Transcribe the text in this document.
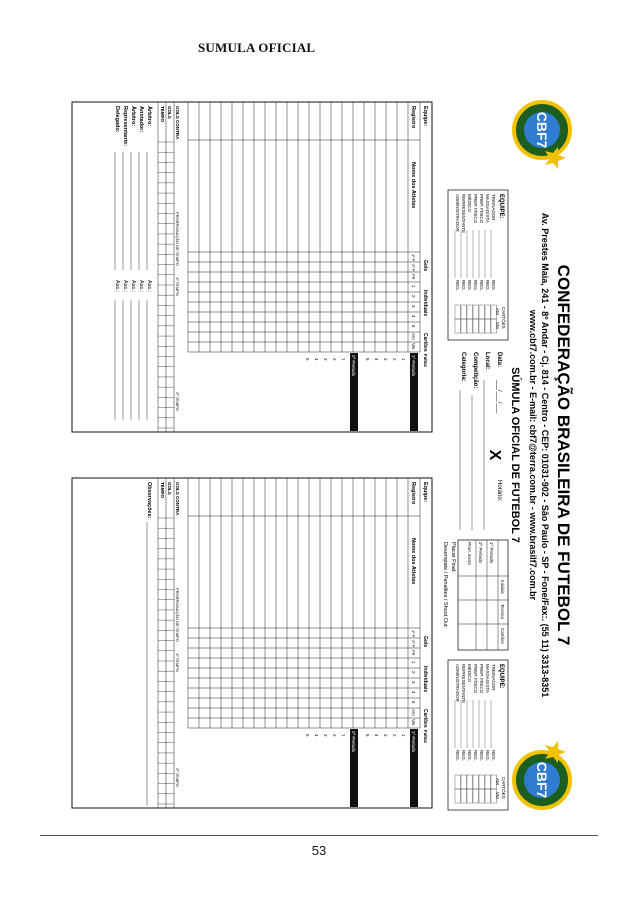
SUMULA OFICIAL
CBF7
CBF7
CONFEDERAÇÃO BRASILEIRA DE FUTEBOL 7
Av. Prestes Maia, 241 - 8º Andar - Cj. 814 - Centro - CEP: 01031-902 - São Paulo - SP - Fone/Fax:. (55 11) 3313-8351
www.cbf7.com.br - E-mail: cbf7@terra.com.br - www.brasilf7.com.br
SÚMULA OFICIAL DE FUTEBOL 7
X
EQUIPE:
TREINADOR
REG.
MASSAGISTA
REG.
PREP. FÍSICO
REG.
PREP. FÍSICO
REG.
MÉDICO
REG.
REPRESENTANTE
REG.
ADMINISTRADOR
REG.
CARTÕES
AM
VM
Data:
___/___/___
Horário:
Local:
Competição:
Categoria:
Iniciais
Tecnico
Cartões
1º Período
2º Período
Prorr. Extra
Placar Final:
Desempate / Penalties / Shoot Out:
EQUIPE:
TREINADOR
REG.
MASSAGISTA
REG.
PREP. FÍSICO
REG.
PREP. FÍSICO
REG.
MÉDICO
REG.
REPRESENTANTE
REG.
ADMINISTRADOR
REG.
CARTÕES
AM
VM
Equipe:
Registro
Nome dos Atletas
Gols
Individuais
Cartões
1º P
2º P
PR
1
2
3
4
5
Am
Ver
Faltas
1º Período
1
2
3
4
5
2º Período
1
2
3
4
5
GOLS CONTRA
GOLS
TEMPO
PRORROGAÇÃO DE TEMPO
1º TEMPO
2º TEMPO
Árbitro:
Ass.:
Anotador:
Ass.:
Árbitro:
Ass.:
Representante:
Ass.:
Delegado:
Ass.:
Equipe:
Registro
Nome dos Atletas
Gols
Individuais
Cartões
1º P
2º P
PR
1
2
3
4
5
Am
Ver
Faltas
1º Período
1
2
3
4
5
2º Período
1
2
3
4
5
GOLS CONTRA
GOLS
TEMPO
PRORROGAÇÃO DE TEMPO
1º TEMPO
2º TEMPO
Observações:
53
